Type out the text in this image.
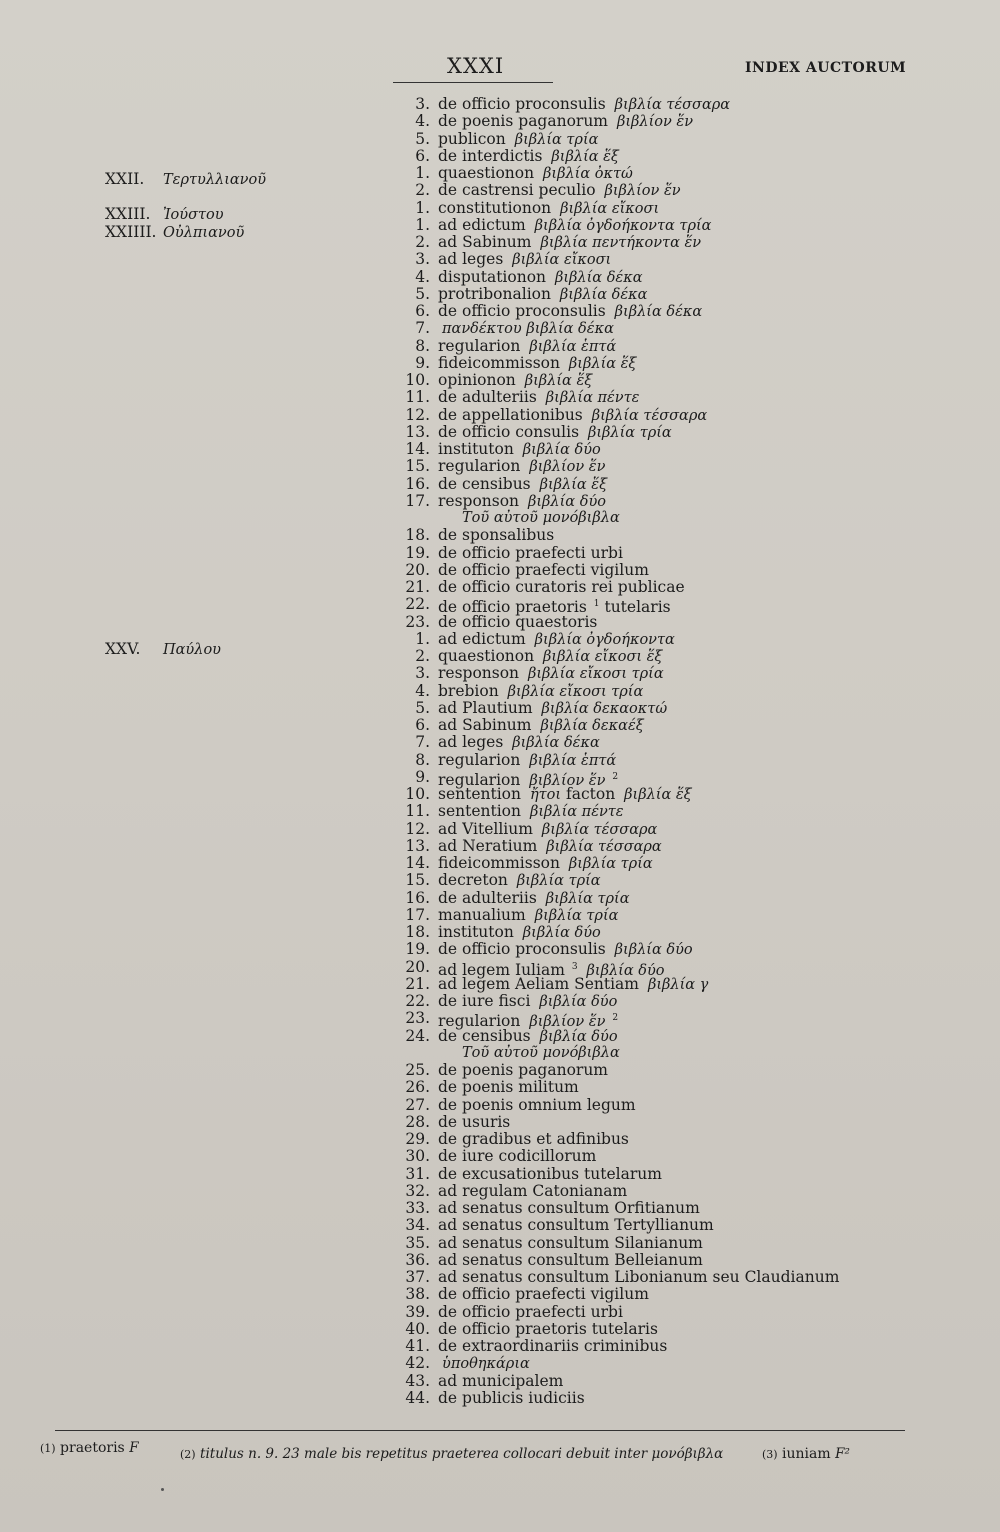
XXXI	INDEX AUCTORUM
XXII. Τερτυλλιανοῦ
XXIII. Ἰούστου
XXIIII. Οὐλπιανοῦ
XXV. Παύλου
3. de officio proconsulis βιβλία τέσσαρα
4. de poenis paganorum βιβλίον ἕν
5. publicon βιβλία τρία
6. de interdictis βιβλία ἕξ
1. quaestionon βιβλία ὀκτώ
2. de castrensi peculio βιβλίον ἕν
1. constitutionon βιβλία εἴκοσι
1. ad edictum βιβλία ὀγδοήκοντα τρία
2. ad Sabinum βιβλία πεντήκοντα ἕν
3. ad leges βιβλία εἴκοσι
4. disputationon βιβλία δέκα
5. protribonalion βιβλία δέκα
6. de officio proconsulis βιβλία δέκα
7. πανδέκτου βιβλία δέκα
8. regularion βιβλία ἑπτά
9. fideicommisson βιβλία ἕξ
10. opinionon βιβλία ἕξ
11. de adulteriis βιβλία πέντε
12. de appellationibus βιβλία τέσσαρα
13. de officio consulis βιβλία τρία
14. instituton βιβλία δύο
15. regularion βιβλίον ἕν
16. de censibus βιβλία ἕξ
17. responson βιβλία δύο
Τοῦ αὐτοῦ μονόβιβλα
18. de sponsalibus
19. de officio praefecti urbi
20. de officio praefecti vigilum
21. de officio curatoris rei publicae
22. de officio praetoris $^1$ tutelaris
23. de officio quaestoris
1. ad edictum βιβλία ὀγδοήκοντα
2. quaestionon βιβλία εἴκοσι ἕξ
3. responson βιβλία εἴκοσι τρία
4. brebion βιβλία εἴκοσι τρία
5. ad Plautium βιβλία δεκαοκτώ
6. ad Sabinum βιβλία δεκαέξ
7. ad leges βιβλία δέκα
8. regularion βιβλία ἑπτά
9. regularion βιβλίον ἕν $^2$
10. sententiοn ἤτοι facton βιβλία ἕξ
11. sententiοn βιβλία πέντε
12. ad Vitellium βιβλία τέσσαρα
13. ad Neratium βιβλία τέσσαρα
14. fideicommisson βιβλία τρία
15. decreton βιβλία τρία
16. de adulteriis βιβλία τρία
17. manualium βιβλία τρία
18. instituton βιβλία δύο
19. de officio proconsulis βιβλία δύο
20. ad legem Iuliam $^3$ βιβλία δύο
21. ad legem Aeliam Sentiam βιβλία γ
22. de iure fisci βιβλία δύο
23. regularion βιβλίον ἕν $^2$
24. de censibus βιβλία δύο
Τοῦ αὐτοῦ μονόβιβλα
25. de poenis paganorum
26. de poenis militum
27. de poenis omnium legum
28. de usuris
29. de gradibus et adfinibus
30. de iure codicillorum
31. de excusationibus tutelarum
32. ad regulam Catonianam
33. ad senatus consultum Orfitianum
34. ad senatus consultum Tertyllianum
35. ad senatus consultum Silanianum
36. ad senatus consultum Belleianum
37. ad senatus consultum Libonianum seu Claudianum
38. de officio praefecti vigilum
39. de officio praefecti urbi
40. de officio praetoris tutelaris
41. de extraordinariis criminibus
42. ὑποθηκάρια
43. ad municipalem
44. de publicis iudiciis
(1) praetoris F	(2) titulus n. 9. 23 male bis repetitus praeterea collocari debuit inter μονόβιβλα	(3) iuniam F²
